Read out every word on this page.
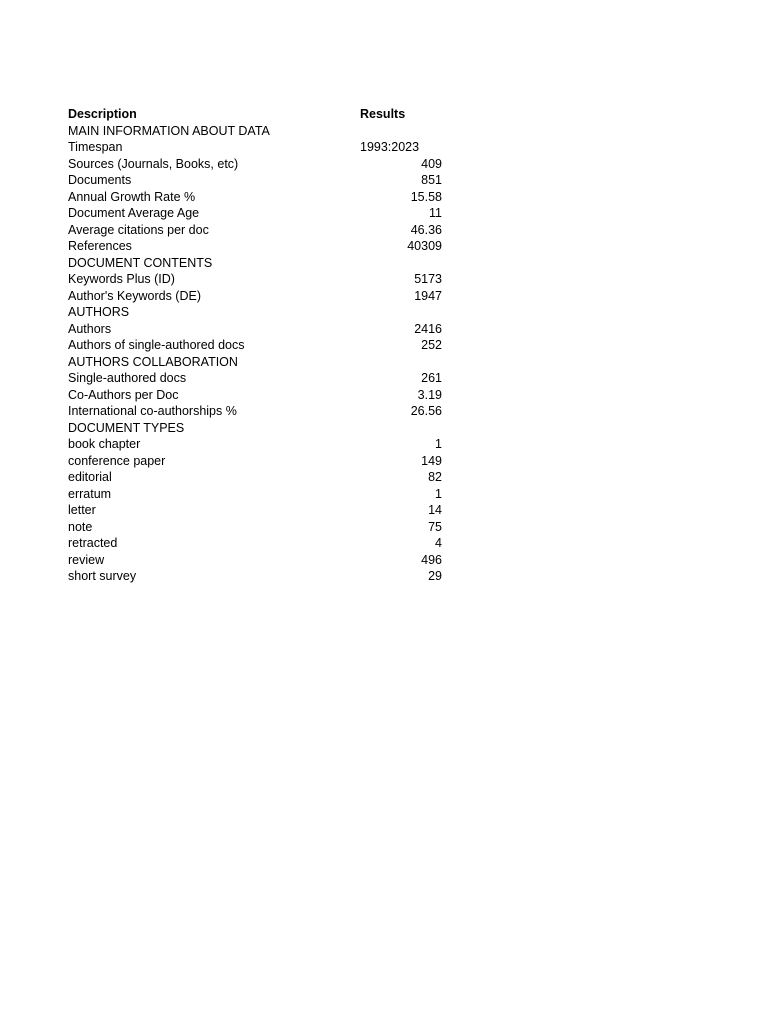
Description	Results
MAIN INFORMATION ABOUT DATA
Timespan	1993:2023
Sources (Journals, Books, etc)	409
Documents	851
Annual Growth Rate %	15.58
Document Average Age	11
Average citations per doc	46.36
References	40309
DOCUMENT CONTENTS
Keywords Plus (ID)	5173
Author's Keywords (DE)	1947
AUTHORS
Authors	2416
Authors of single-authored docs	252
AUTHORS COLLABORATION
Single-authored docs	261
Co-Authors per Doc	3.19
International co-authorships %	26.56
DOCUMENT TYPES
book chapter	1
conference paper	149
editorial	82
erratum	1
letter	14
note	75
retracted	4
review	496
short survey	29
